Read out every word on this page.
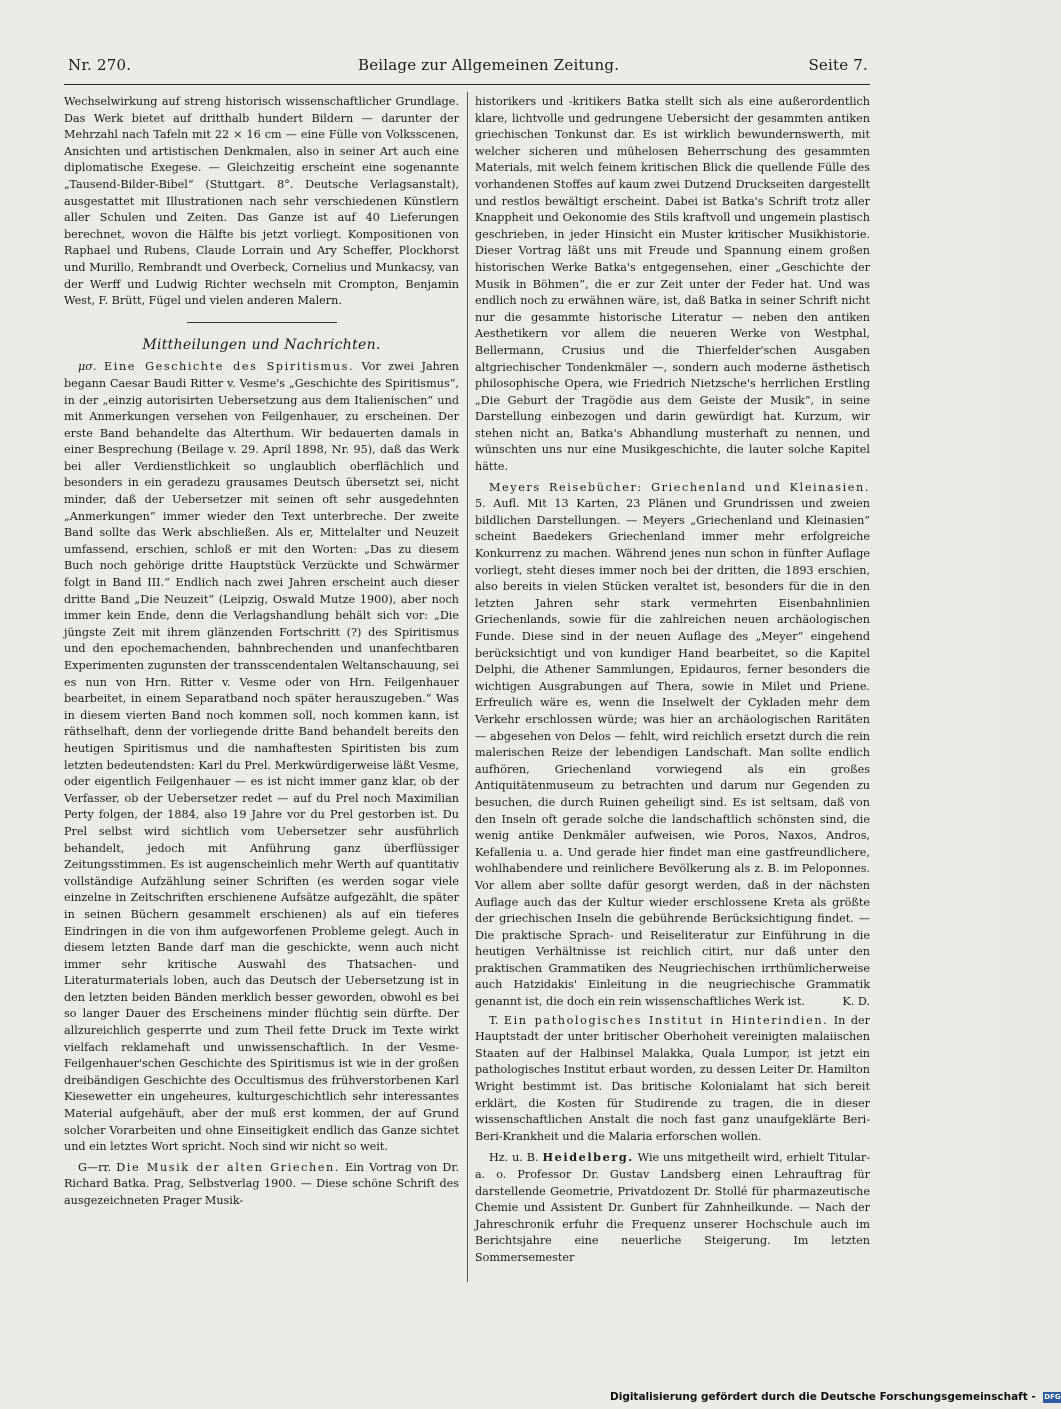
Nr. 270.	Beilage zur Allgemeinen Zeitung.	Seite 7.

Wechselwirkung auf streng historisch wissenschaftlicher Grundlage. Das Werk bietet auf dritthalb hundert Bildern — darunter der Mehrzahl nach Tafeln mit 22 × 16 cm — eine Fülle von Volksscenen, Ansichten und artistischen Denkmalen, also in seiner Art auch eine diplomatische Exegese. — Gleichzeitig erscheint eine sogenannte „Tausend-Bilder-Bibel“ (Stuttgart. 8°. Deutsche Verlagsanstalt), ausgestattet mit Illustrationen nach sehr verschiedenen Künstlern aller Schulen und Zeiten. Das Ganze ist auf 40 Lieferungen berechnet, wovon die Hälfte bis jetzt vorliegt. Kompositionen von Raphael und Rubens, Claude Lorrain und Ary Scheffer, Plockhorst und Murillo, Rembrandt und Overbeck, Cornelius und Munkacsy, van der Werff und Ludwig Richter wechseln mit Crompton, Benjamin West, F. Brütt, Fügel und vielen anderen Malern.

Mittheilungen und Nachrichten.

μσ. Eine Geschichte des Spiritismus. Vor zwei Jahren begann Caesar Baudi Ritter v. Vesme's „Geschichte des Spiritismus“, in der „einzig autorisirten Uebersetzung aus dem Italienischen“ und mit Anmerkungen versehen von Feilgenhauer, zu erscheinen. Der erste Band behandelte das Alterthum. Wir bedauerten damals in einer Besprechung (Beilage v. 29. April 1898, Nr. 95), daß das Werk bei aller Verdienstlichkeit so unglaublich oberflächlich und besonders in ein geradezu grausames Deutsch übersetzt sei, nicht minder, daß der Uebersetzer mit seinen oft sehr ausgedehnten „Anmerkungen“ immer wieder den Text unterbreche. Der zweite Band sollte das Werk abschließen. Als er, Mittelalter und Neuzeit umfassend, erschien, schloß er mit den Worten: „Das zu diesem Buch noch gehörige dritte Hauptstück Verzückte und Schwärmer folgt in Band III.“ Endlich nach zwei Jahren erscheint auch dieser dritte Band „Die Neuzeit“ (Leipzig, Oswald Mutze 1900), aber noch immer kein Ende, denn die Verlagshandlung behält sich vor: „Die jüngste Zeit mit ihrem glänzenden Fortschritt (?) des Spiritismus und den epochemachenden, bahnbrechenden und unanfechtbaren Experimenten zugunsten der transscendentalen Weltanschauung, sei es nun von Hrn. Ritter v. Vesme oder von Hrn. Feilgenhauer bearbeitet, in einem Separatband noch später herauszugeben.“ Was in diesem vierten Band noch kommen soll, noch kommen kann, ist räthselhaft, denn der vorliegende dritte Band behandelt bereits den heutigen Spiritismus und die namhaftesten Spiritisten bis zum letzten bedeutendsten: Karl du Prel. Merkwürdigerweise läßt Vesme, oder eigentlich Feilgenhauer — es ist nicht immer ganz klar, ob der Verfasser, ob der Uebersetzer redet — auf du Prel noch Maximilian Perty folgen, der 1884, also 19 Jahre vor du Prel gestorben ist. Du Prel selbst wird sichtlich vom Uebersetzer sehr ausführlich behandelt, jedoch mit Anführung ganz überflüssiger Zeitungsstimmen. Es ist augenscheinlich mehr Werth auf quantitativ vollständige Aufzählung seiner Schriften (es werden sogar viele einzelne in Zeitschriften erschienene Aufsätze aufgezählt, die später in seinen Büchern gesammelt erschienen) als auf ein tieferes Eindringen in die von ihm aufgeworfenen Probleme gelegt. Auch in diesem letzten Bande darf man die geschickte, wenn auch nicht immer sehr kritische Auswahl des Thatsachen- und Literaturmaterials loben, auch das Deutsch der Uebersetzung ist in den letzten beiden Bänden merklich besser geworden, obwohl es bei so langer Dauer des Erscheinens minder flüchtig sein dürfte. Der allzureichlich gesperrte und zum Theil fette Druck im Texte wirkt vielfach reklamehaft und unwissenschaftlich. In der Vesme-Feilgenhauer'schen Geschichte des Spiritismus ist wie in der großen dreibändigen Geschichte des Occultismus des frühverstorbenen Karl Kiesewetter ein ungeheures, kulturgeschichtlich sehr interessantes Material aufgehäuft, aber der muß erst kommen, der auf Grund solcher Vorarbeiten und ohne Einseitigkeit endlich das Ganze sichtet und ein letztes Wort spricht. Noch sind wir nicht so weit.

G—rr. Die Musik der alten Griechen. Ein Vortrag von Dr. Richard Batka. Prag, Selbstverlag 1900. — Diese schöne Schrift des ausgezeichneten Prager Musik-

historikers und -kritikers Batka stellt sich als eine außerordentlich klare, lichtvolle und gedrungene Uebersicht der gesammten antiken griechischen Tonkunst dar. Es ist wirklich bewundernswerth, mit welcher sicheren und mühelosen Beherrschung des gesammten Materials, mit welch feinem kritischen Blick die quellende Fülle des vorhandenen Stoffes auf kaum zwei Dutzend Druckseiten dargestellt und restlos bewältigt erscheint. Dabei ist Batka's Schrift trotz aller Knappheit und Oekonomie des Stils kraftvoll und ungemein plastisch geschrieben, in jeder Hinsicht ein Muster kritischer Musikhistorie. Dieser Vortrag läßt uns mit Freude und Spannung einem großen historischen Werke Batka's entgegensehen, einer „Geschichte der Musik in Böhmen“, die er zur Zeit unter der Feder hat. Und was endlich noch zu erwähnen wäre, ist, daß Batka in seiner Schrift nicht nur die gesammte historische Literatur — neben den antiken Aesthetikern vor allem die neueren Werke von Westphal, Bellermann, Crusius und die Thierfelder'schen Ausgaben altgriechischer Tondenkmäler —, sondern auch moderne ästhetisch philosophische Opera, wie Friedrich Nietzsche's herrlichen Erstling „Die Geburt der Tragödie aus dem Geiste der Musik“, in seine Darstellung einbezogen und darin gewürdigt hat. Kurzum, wir stehen nicht an, Batka's Abhandlung musterhaft zu nennen, und wünschten uns nur eine Musikgeschichte, die lauter solche Kapitel hätte.

Meyers Reisebücher: Griechenland und Kleinasien. 5. Aufl. Mit 13 Karten, 23 Plänen und Grundrissen und zweien bildlichen Darstellungen. — Meyers „Griechenland und Kleinasien“ scheint Baedekers Griechenland immer mehr erfolgreiche Konkurrenz zu machen. Während jenes nun schon in fünfter Auflage vorliegt, steht dieses immer noch bei der dritten, die 1893 erschien, also bereits in vielen Stücken veraltet ist, besonders für die in den letzten Jahren sehr stark vermehrten Eisenbahnlinien Griechenlands, sowie für die zahlreichen neuen archäologischen Funde. Diese sind in der neuen Auflage des „Meyer“ eingehend berücksichtigt und von kundiger Hand bearbeitet, so die Kapitel Delphi, die Athener Sammlungen, Epidauros, ferner besonders die wichtigen Ausgrabungen auf Thera, sowie in Milet und Priene. Erfreulich wäre es, wenn die Inselwelt der Cykladen mehr dem Verkehr erschlossen würde; was hier an archäologischen Raritäten — abgesehen von Delos — fehlt, wird reichlich ersetzt durch die rein malerischen Reize der lebendigen Landschaft. Man sollte endlich aufhören, Griechenland vorwiegend als ein großes Antiquitätenmuseum zu betrachten und darum nur Gegenden zu besuchen, die durch Ruinen geheiligt sind. Es ist seltsam, daß von den Inseln oft gerade solche die landschaftlich schönsten sind, die wenig antike Denkmäler aufweisen, wie Poros, Naxos, Andros, Kefallenia u. a. Und gerade hier findet man eine gastfreundlichere, wohlhabendere und reinlichere Bevölkerung als z. B. im Peloponnes. Vor allem aber sollte dafür gesorgt werden, daß in der nächsten Auflage auch das der Kultur wieder erschlossene Kreta als größte der griechischen Inseln die gebührende Berücksichtigung findet. — Die praktische Sprach- und Reiseliteratur zur Einführung in die heutigen Verhältnisse ist reichlich citirt, nur daß unter den praktischen Grammatiken des Neugriechischen irrthümlicherweise auch Hatzidakis' Einleitung in die neugriechische Grammatik genannt ist, die doch ein rein wissenschaftliches Werk ist.	K. D.

T. Ein pathologisches Institut in Hinterindien. In der Hauptstadt der unter britischer Oberhoheit vereinigten malaiischen Staaten auf der Halbinsel Malakka, Quala Lumpor, ist jetzt ein pathologisches Institut erbaut worden, zu dessen Leiter Dr. Hamilton Wright bestimmt ist. Das britische Kolonialamt hat sich bereit erklärt, die Kosten für Studirende zu tragen, die in dieser wissenschaftlichen Anstalt die noch fast ganz unaufgeklärte Beri-Beri-Krankheit und die Malaria erforschen wollen.

Hz. u. B. Heidelberg. Wie uns mitgetheilt wird, erhielt Titular- a. o. Professor Dr. Gustav Landsberg einen Lehrauftrag für darstellende Geometrie, Privatdozent Dr. Stollé für pharmazeutische Chemie und Assistent Dr. Gunbert für Zahnheilkunde. — Nach der Jahreschronik erfuhr die Frequenz unserer Hochschule auch im Berichtsjahre eine neuerliche Steigerung. Im letzten Sommersemester

Digitalisierung gefördert durch die Deutsche Forschungsgemeinschaft - DFG
